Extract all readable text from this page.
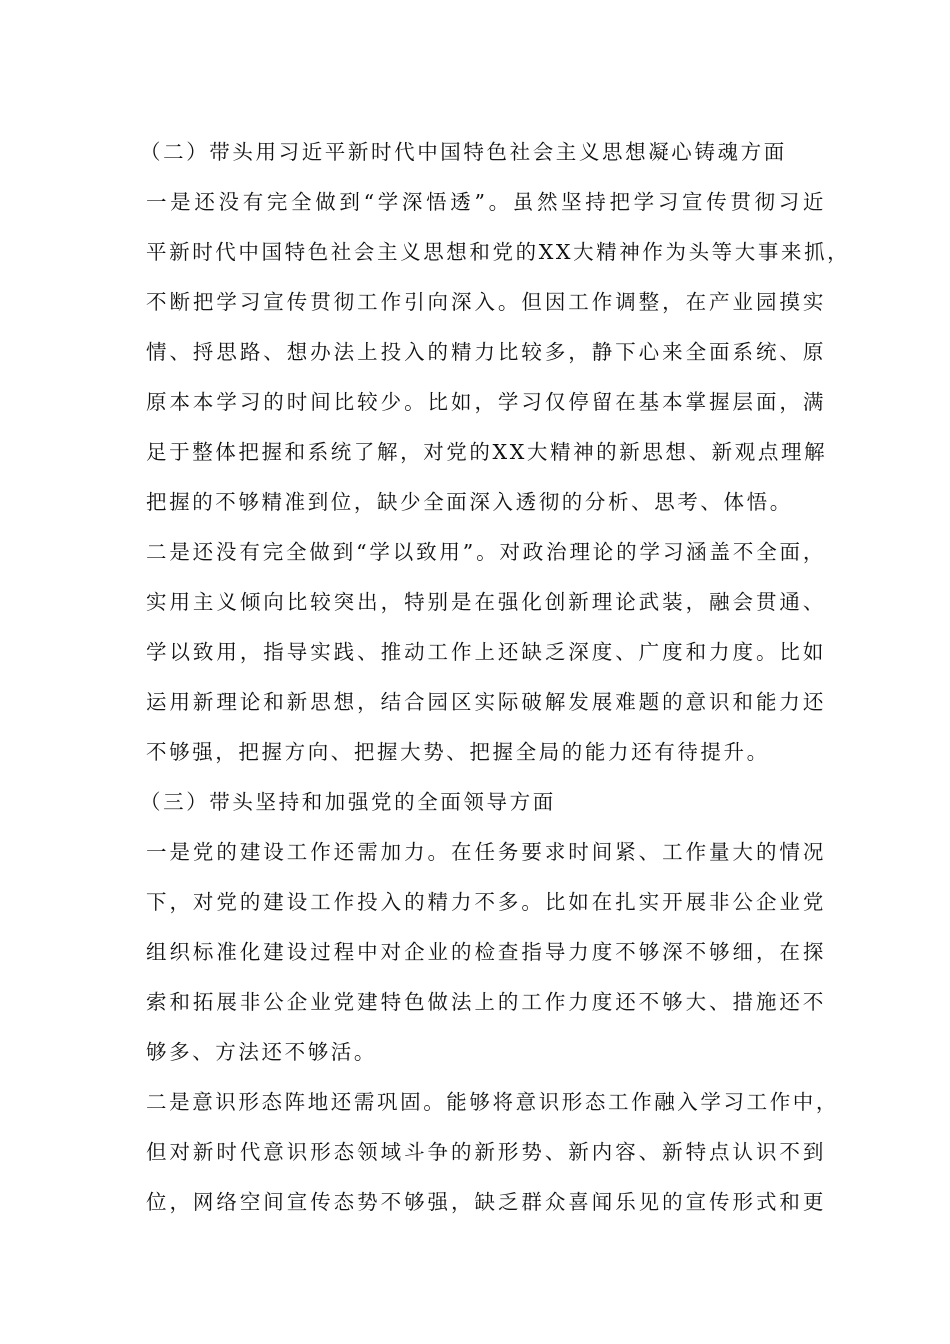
（二）带头用习近平新时代中国特色社会主义思想凝心铸魂方面
一是还没有完全做到“学深悟透”。虽然坚持把学习宣传贯彻习近
平新时代中国特色社会主义思想和党的XX大精神作为头等大事来抓，
不断把学习宣传贯彻工作引向深入。但因工作调整，在产业园摸实
情、捋思路、想办法上投入的精力比较多，静下心来全面系统、原
原本本学习的时间比较少。比如，学习仅停留在基本掌握层面，满
足于整体把握和系统了解，对党的XX大精神的新思想、新观点理解
把握的不够精准到位，缺少全面深入透彻的分析、思考、体悟。
二是还没有完全做到“学以致用”。对政治理论的学习涵盖不全面，
实用主义倾向比较突出，特别是在强化创新理论武装，融会贯通、
学以致用，指导实践、推动工作上还缺乏深度、广度和力度。比如
运用新理论和新思想，结合园区实际破解发展难题的意识和能力还
不够强，把握方向、把握大势、把握全局的能力还有待提升。
（三）带头坚持和加强党的全面领导方面
一是党的建设工作还需加力。在任务要求时间紧、工作量大的情况
下，对党的建设工作投入的精力不多。比如在扎实开展非公企业党
组织标准化建设过程中对企业的检查指导力度不够深不够细，在探
索和拓展非公企业党建特色做法上的工作力度还不够大、措施还不
够多、方法还不够活。
二是意识形态阵地还需巩固。能够将意识形态工作融入学习工作中，
但对新时代意识形态领域斗争的新形势、新内容、新特点认识不到
位，网络空间宣传态势不够强，缺乏群众喜闻乐见的宣传形式和更
